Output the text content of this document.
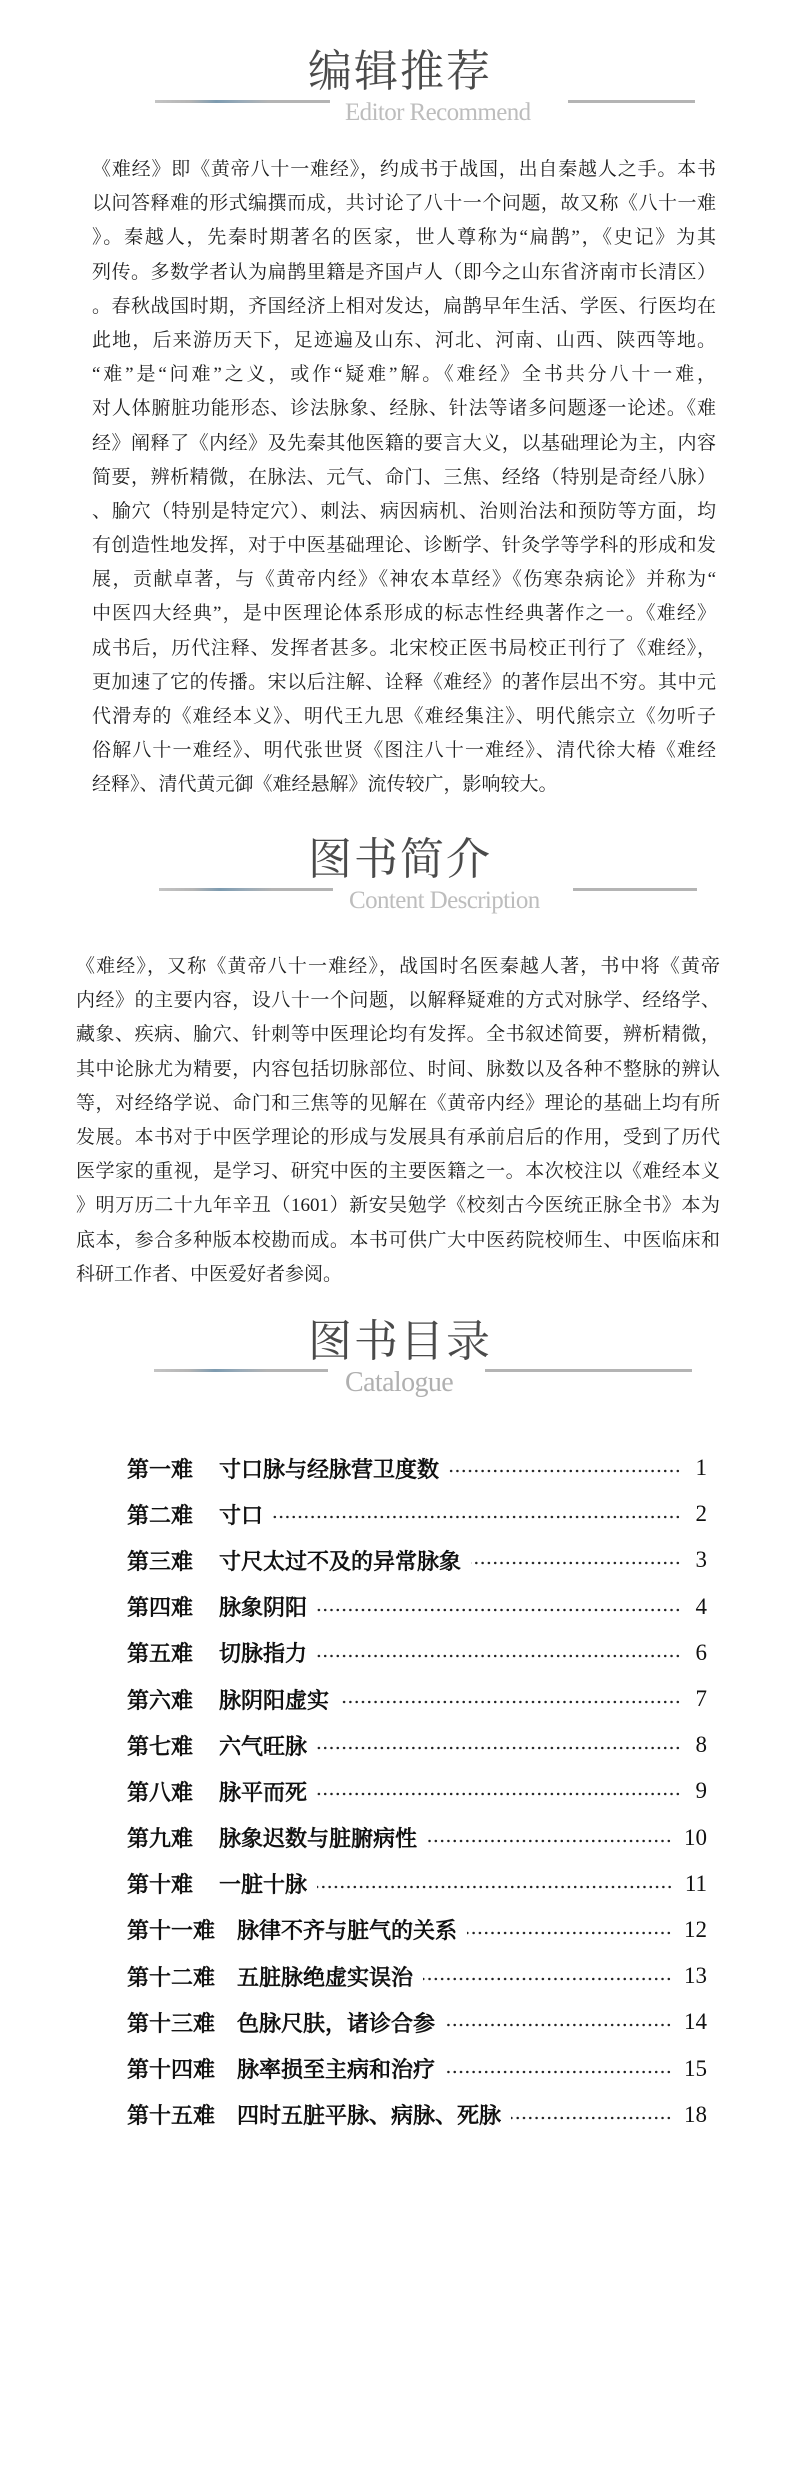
编辑推荐
Editor Recommend
《难经》即《黄帝八十一难经》，约成书于战国，出自秦越人之手。本书
以问答释难的形式编撰而成，共讨论了八十一个问题，故又称《八十一难
》。秦越人，先秦时期著名的医家，世人尊称为“扁鹊”，《史记》为其
列传。多数学者认为扁鹊里籍是齐国卢人（即今之山东省济南市长清区）
。春秋战国时期，齐国经济上相对发达，扁鹊早年生活、学医、行医均在
此地，后来游历天下，足迹遍及山东、河北、河南、山西、陕西等地。
“难”是“问难”之义，或作“疑难”解。《难经》全书共分八十一难，
对人体腑脏功能形态、诊法脉象、经脉、针法等诸多问题逐一论述。《难
经》阐释了《内经》及先秦其他医籍的要言大义，以基础理论为主，内容
简要，辨析精微，在脉法、元气、命门、三焦、经络（特别是奇经八脉）
、腧穴（特别是特定穴）、刺法、病因病机、治则治法和预防等方面，均
有创造性地发挥，对于中医基础理论、诊断学、针灸学等学科的形成和发
展，贡献卓著，与《黄帝内经》《神农本草经》《伤寒杂病论》并称为“
中医四大经典”，是中医理论体系形成的标志性经典著作之一。《难经》
成书后，历代注释、发挥者甚多。北宋校正医书局校正刊行了《难经》，
更加速了它的传播。宋以后注解、诠释《难经》的著作层出不穷。其中元
代滑寿的《难经本义》、明代王九思《难经集注》、明代熊宗立《勿听子
俗解八十一难经》、明代张世贤《图注八十一难经》、清代徐大椿《难经
经释》、清代黄元御《难经悬解》流传较广，影响较大。
图书简介
Content Description
《难经》，又称《黄帝八十一难经》，战国时名医秦越人著，书中将《黄帝
内经》的主要内容，设八十一个问题，以解释疑难的方式对脉学、经络学、
藏象、疾病、腧穴、针刺等中医理论均有发挥。全书叙述简要，辨析精微，
其中论脉尤为精要，内容包括切脉部位、时间、脉数以及各种不整脉的辨认
等，对经络学说、命门和三焦等的见解在《黄帝内经》理论的基础上均有所
发展。本书对于中医学理论的形成与发展具有承前启后的作用，受到了历代
医学家的重视，是学习、研究中医的主要医籍之一。本次校注以《难经本义
》明万历二十九年辛丑（1601）新安吴勉学《校刻古今医统正脉全书》本为
底本，参合多种版本校勘而成。本书可供广大中医药院校师生、中医临床和
科研工作者、中医爱好者参阅。
图书目录
Catalogue
第一难 寸口脉与经脉营卫度数	1
第二难 寸口	2
第三难 寸尺太过不及的异常脉象	3
第四难 脉象阴阳	4
第五难 切脉指力	6
第六难 脉阴阳虚实	7
第七难 六气旺脉	8
第八难 脉平而死	9
第九难 脉象迟数与脏腑病性	10
第十难 一脏十脉	11
第十一难 脉律不齐与脏气的关系	12
第十二难 五脏脉绝虚实误治	13
第十三难 色脉尺肤，诸诊合参	14
第十四难 脉率损至主病和治疗	15
第十五难 四时五脏平脉、病脉、死脉	18
